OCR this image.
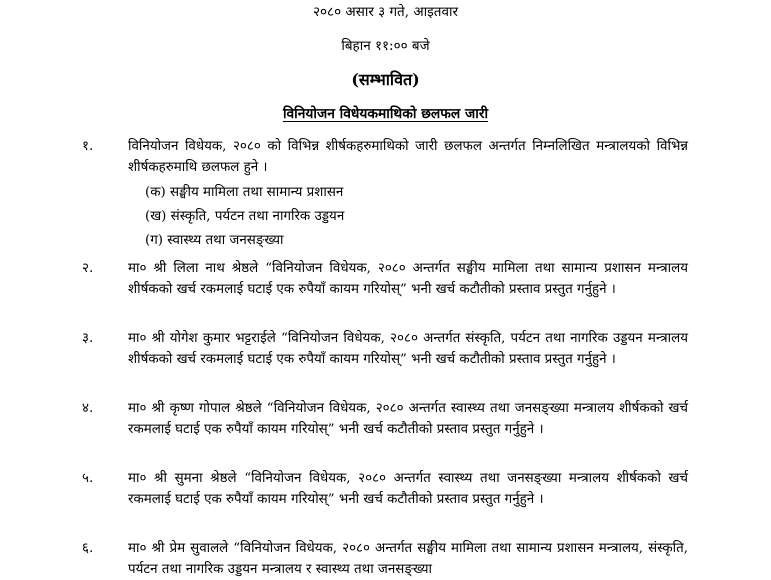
२०८० असार ३ गते, आइतवार
बिहान ११:०० बजे
(सम्भावित)
विनियोजन विधेयकमाथिको छलफल जारी
१.	विनियोजन विधेयक, २०८० को विभिन्न शीर्षकहरुमाथिको जारी छलफल अन्तर्गत निम्नलिखित मन्त्रालयको विभिन्न शीर्षकहरुमाथि छलफल हुने ।
(क) सङ्घीय मामिला तथा सामान्य प्रशासन
(ख) संस्कृति, पर्यटन तथा नागरिक उड्डयन
(ग) स्वास्थ्य तथा जनसङ्ख्या
२.	मा० श्री लिला नाथ श्रेष्ठले “विनियोजन विधेयक, २०८० अन्तर्गत सङ्घीय मामिला तथा सामान्य प्रशासन मन्त्रालय शीर्षकको खर्च रकमलाई घटाई एक रुपैयाँ कायम गरियोस्” भनी खर्च कटौतीको प्रस्ताव प्रस्तुत गर्नुहुने ।
३.	मा० श्री योगेश कुमार भट्टराईले “विनियोजन विधेयक, २०८० अन्तर्गत संस्कृति, पर्यटन तथा नागरिक उड्डयन मन्त्रालय शीर्षकको खर्च रकमलाई घटाई एक रुपैयाँ कायम गरियोस्” भनी खर्च कटौतीको प्रस्ताव प्रस्तुत गर्नुहुने ।
४.	मा० श्री कृष्ण गोपाल श्रेष्ठले “विनियोजन विधेयक, २०८० अन्तर्गत स्वास्थ्य तथा जनसङ्ख्या मन्त्रालय शीर्षकको खर्च रकमलाई घटाई एक रुपैयाँ कायम गरियोस्” भनी खर्च कटौतीको प्रस्ताव प्रस्तुत गर्नुहुने ।
५.	मा० श्री सुमना श्रेष्ठले “विनियोजन विधेयक, २०८० अन्तर्गत स्वास्थ्य तथा जनसङ्ख्या मन्त्रालय शीर्षकको खर्च रकमलाई घटाई एक रुपैयाँ कायम गरियोस्” भनी खर्च कटौतीको प्रस्ताव प्रस्तुत गर्नुहुने ।
६.	मा० श्री प्रेम सुवालले “विनियोजन विधेयक, २०८० अन्तर्गत सङ्घीय मामिला तथा सामान्य प्रशासन मन्त्रालय, संस्कृति, पर्यटन तथा नागरिक उड्डयन मन्त्रालय र स्वास्थ्य तथा जनसङ्ख्या
